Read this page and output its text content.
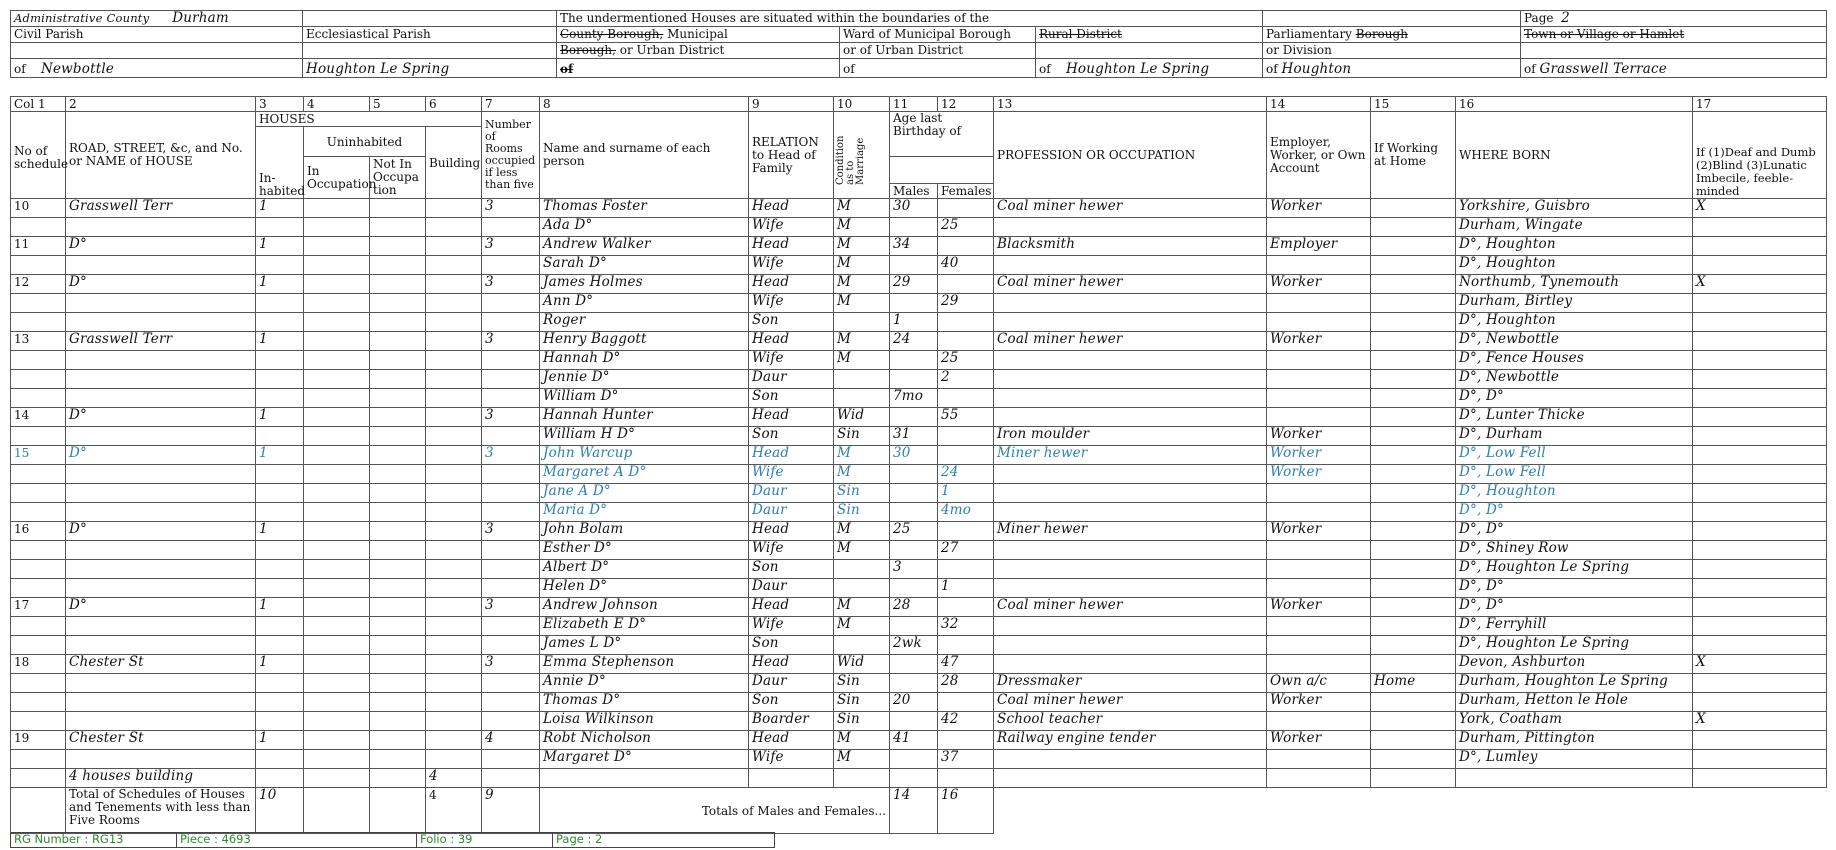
Administrative County Durham		The undermentioned Houses are situated within the boundaries of the				Page 2
Civil Parish	Ecclesiastical Parish	County Borough, Municipal	Ward of Municipal Borough	Rural District	Parliamentary Borough	Town or Village or Hamlet
		Borough, or Urban District	or of Urban District		or Division	
of Newbottle	Houghton Le Spring	of	of	of Houghton Le Spring	of Houghton	of Grasswell Terrace
Col 1	2	3	4	5	6	7	8	9	10	11	12	13	14	15	16	17
No of schedule	ROAD, STREET, &c, and No. or NAME of HOUSE	HOUSES				Number of Rooms occupied if less than five	Name and surname of each person	RELATION to Head of Family	Condition as to Marriage	Age last Birthday of		PROFESSION OR OCCUPATION	Employer, Worker, or Own Account	If Working at Home	WHERE BORN	If (1)Deaf and Dumb (2)Blind (3)Lunatic Imbecile, feeble-minded
		In-habited	Uninhabited		Building											
			In Occupation	Not In Occupa tion												
										Males	Females					
10	Grasswell Terr	1				3	Thomas Foster	Head	M	30		Coal miner hewer	Worker		Yorkshire, Guisbro	X
							Ada D°	Wife	M		25				Durham, Wingate	
11	D°	1				3	Andrew Walker	Head	M	34		Blacksmith	Employer		D°, Houghton	
							Sarah D°	Wife	M		40				D°, Houghton	
12	D°	1				3	James Holmes	Head	M	29		Coal miner hewer	Worker		Northumb, Tynemouth	X
							Ann D°	Wife	M		29				Durham, Birtley	
							Roger	Son		1					D°, Houghton	
13	Grasswell Terr	1				3	Henry Baggott	Head	M	24		Coal miner hewer	Worker		D°, Newbottle	
							Hannah D°	Wife	M		25				D°, Fence Houses	
							Jennie D°	Daur			2				D°, Newbottle	
							William D°	Son		7mo					D°, D°	
14	D°	1				3	Hannah Hunter	Head	Wid		55				D°, Lunter Thicke	
							William H D°	Son	Sin	31		Iron moulder	Worker		D°, Durham	
15	D°	1				3	John Warcup	Head	M	30		Miner hewer	Worker		D°, Low Fell	
							Margaret A D°	Wife	M		24		Worker		D°, Low Fell	
							Jane A D°	Daur	Sin		1				D°, Houghton	
							Maria D°	Daur	Sin		4mo				D°, D°	
16	D°	1				3	John Bolam	Head	M	25		Miner hewer	Worker		D°, D°	
							Esther D°	Wife	M		27				D°, Shiney Row	
							Albert D°	Son		3					D°, Houghton Le Spring	
							Helen D°	Daur			1				D°, D°	
17	D°	1				3	Andrew Johnson	Head	M	28		Coal miner hewer	Worker		D°, D°	
							Elizabeth E D°	Wife	M		32				D°, Ferryhill	
							James L D°	Son		2wk					D°, Houghton Le Spring	
18	Chester St	1				3	Emma Stephenson	Head	Wid		47				Devon, Ashburton	X
							Annie D°	Daur	Sin		28	Dressmaker	Own a/c	Home	Durham, Houghton Le Spring	
							Thomas D°	Son	Sin	20		Coal miner hewer	Worker		Durham, Hetton le Hole	
							Loisa Wilkinson	Boarder	Sin		42	School teacher			York, Coatham	X
19	Chester St	1				4	Robt Nicholson	Head	M	41		Railway engine tender	Worker		Durham, Pittington	
							Margaret D°	Wife	M		37				D°, Lumley	
	4 houses building				4											
	Total of Schedules of Houses and Tenements with less than Five Rooms	10			4	9	Totals of Males and Females...			14	16					
RG Number : RG13	Piece : 4693	Folio : 39	Page : 2
